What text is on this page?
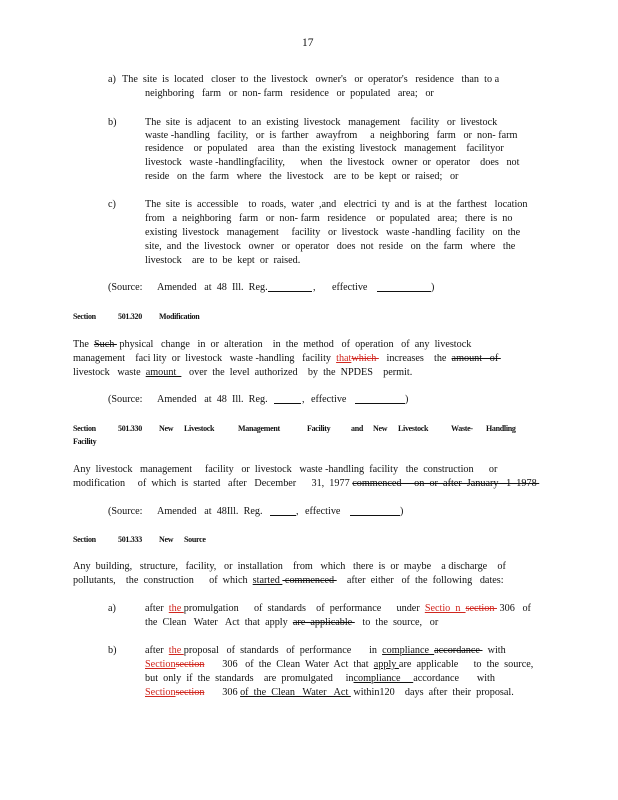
17
a) The  site  is  located   closer  to  the  livestock   owner's   or  operator's   residence   than  to a
neighboring   farm   or  non- farm   residence   or  populated   area;   or
b)	The  site  is  adjacent   to  an  existing  livestock   management    facility   or  livestock
waste -handling   facility,   or  is  farther   awayfrom     a  neighboring   farm   or  non- farm
residence    or  populated    area   than  the  existing  livestock   management    facilityor
livestock   waste -handlingfacility,      when   the  livestock   owner  or  operator    does   not
reside   on  the  farm   where   the  livestock    are  to  be  kept  or  raised;   or
c)	The  site  is  accessible    to  roads,  water  ,and   electrici  ty  and  is  at  the  farthest   location
from   a  neighboring   farm   or  non- farm   residence    or  populated   area;   there  is  no
existing  livestock   management     facility   or  livestock   waste -handling  facility   on  the
site,  and  the  livestock   owner   or  operator   does  not  reside   on  the  farm   where   the
livestock    are  to  be  kept  or  raised.
(Source: Amended   at  48  Ill.  Reg.	, effective	)
Section	501.320 Modification
The  Such  physical   change   in  or  alteration    in  the  method   of  operation   of  any  livestock
management    faci lity  or  livestock   waste -handling   facility  thatwhich    increases    the  amount   of
livestock   waste  amount     over  the  level  authorized    by  the  NPDES    permit.
(Source: Amended   at  48  Ill.  Reg.	, effective	)
Section	501.330 New Livestock	Management	Facility	and New Livestock	Waste- Handling
Facility
Any  livestock   management     facility   or  livestock   waste -handling  facility   the  construction      or
modification     of  which  is  started   after   December      31,  1977 commenced     on  or  after  January   1  1978
(Source: Amended   at  48Ill.  Reg.	, effective	)
Section	501.333 New Source
Any  building,   structure,   facility,   or  installation    from   which   there  is  or  maybe    a discharge    of
pollutants,    the  construction      of  which  started  commenced     after  either   of  the  following   dates:
a)	after  the promulgation      of  standards    of  performance      under  Sectio  n  section  306   of
the  Clean   Water   Act  that  apply  are  applicable    to  the  source,   or
b)	after  the proposal   of  standards   of  performance       in  compliance  accordance   with
Sectionsection       306   of  the  Clean  Water  Act  that  apply are  applicable      to  the  source,
but  only  if  the  standards    are  promulgated     incompliance     accordance       with
Sectionsection       306 of  the  Clean   Water   Act  within120    days  after  their  proposal.
